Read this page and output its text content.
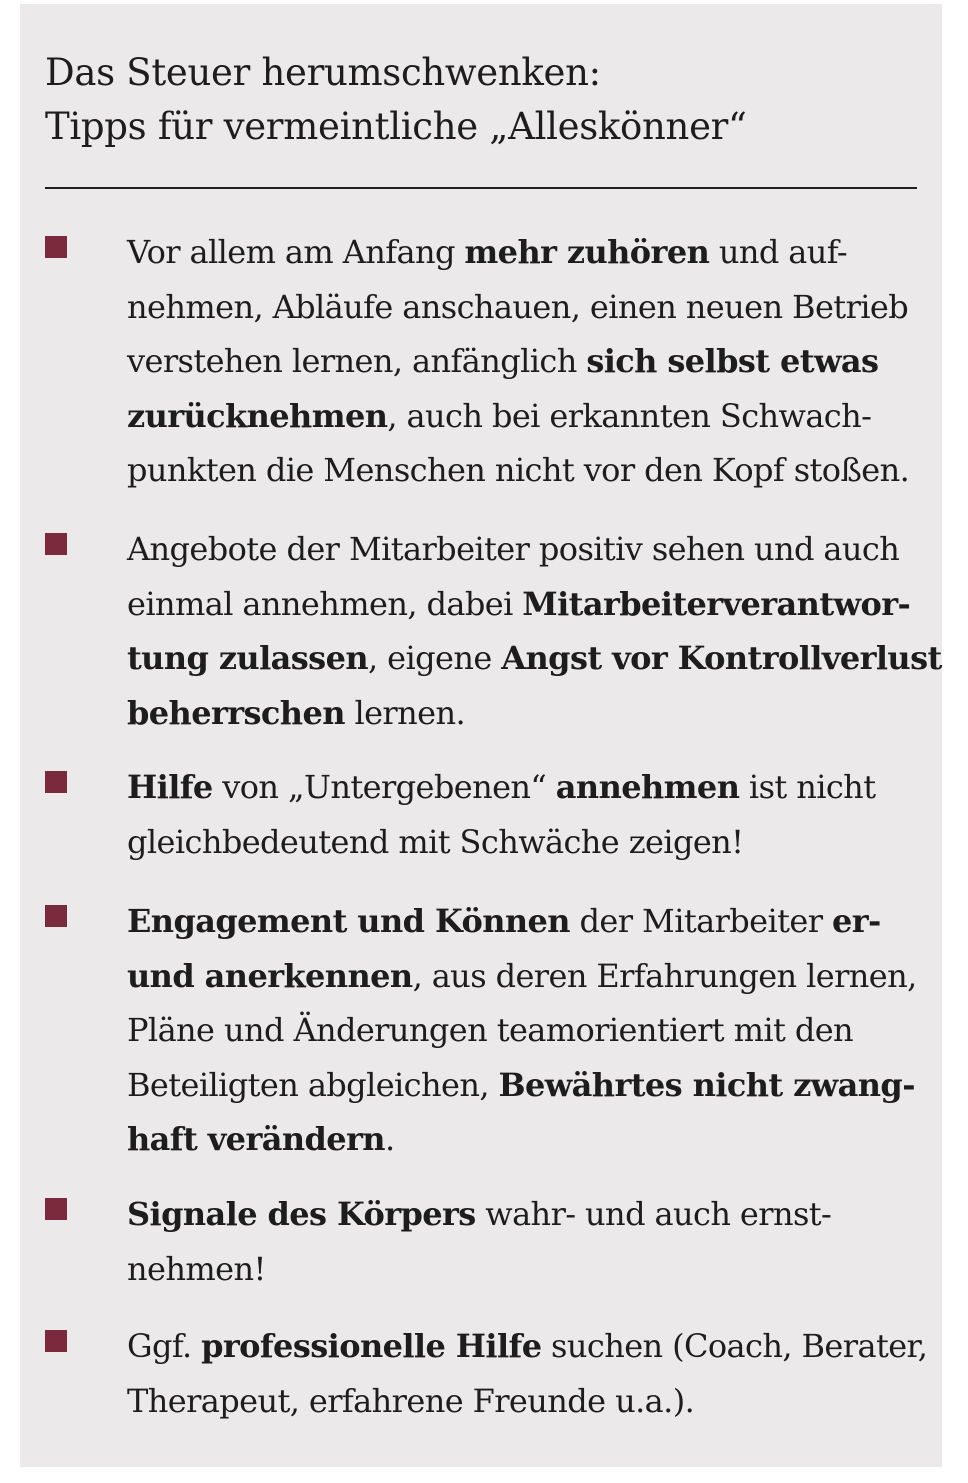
Das Steuer herumschwenken:
Tipps für vermeintliche „Alleskönner“
Vor allem am Anfang mehr zuhören und auf-
nehmen, Abläufe anschauen, einen neuen Betrieb
verstehen lernen, anfänglich sich selbst etwas
zurücknehmen, auch bei erkannten Schwach-
punkten die Menschen nicht vor den Kopf stoßen.
Angebote der Mitarbeiter positiv sehen und auch
einmal annehmen, dabei Mitarbeiterverantwor-
tung zulassen, eigene Angst vor Kontrollverlust
beherrschen lernen.
Hilfe von „Untergebenen“ annehmen ist nicht
gleichbedeutend mit Schwäche zeigen!
Engagement und Können der Mitarbeiter er-
und anerkennen, aus deren Erfahrungen lernen,
Pläne und Änderungen teamorientiert mit den
Beteiligten abgleichen, Bewährtes nicht zwang-
haft verändern.
Signale des Körpers wahr- und auch ernst-
nehmen!
Ggf. professionelle Hilfe suchen (Coach, Berater,
Therapeut, erfahrene Freunde u.a.).
